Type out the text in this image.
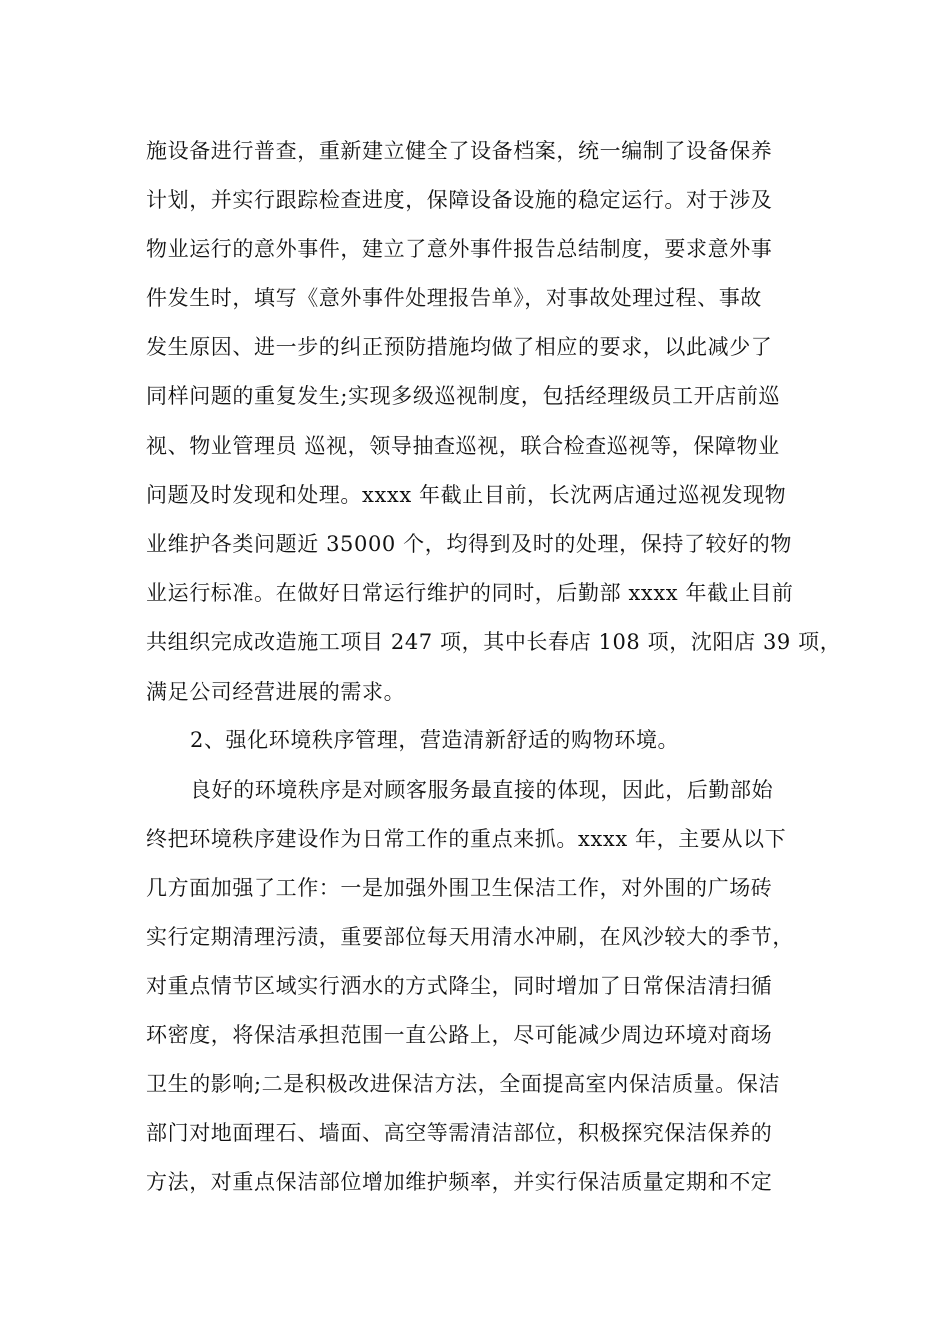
施设备进行普查，重新建立健全了设备档案，统一编制了设备保养
计划，并实行跟踪检查进度，保障设备设施的稳定运行。对于涉及
物业运行的意外事件，建立了意外事件报告总结制度，要求意外事
件发生时，填写《意外事件处理报告单》，对事故处理过程、事故
发生原因、进一步的纠正预防措施均做了相应的要求，以此减少了
同样问题的重复发生;实现多级巡视制度，包括经理级员工开店前巡
视、物业管理员 巡视，领导抽查巡视，联合检查巡视等，保障物业
问题及时发现和处理。xxxx 年截止目前，长沈两店通过巡视发现物
业维护各类问题近 35000 个，均得到及时的处理，保持了较好的物
业运行标准。在做好日常运行维护的同时，后勤部 xxxx 年截止目前
共组织完成改造施工项目 247 项，其中长春店 108 项，沈阳店 39 项，
满足公司经营进展的需求。
2、强化环境秩序管理，营造清新舒适的购物环境。
良好的环境秩序是对顾客服务最直接的体现，因此，后勤部始
终把环境秩序建设作为日常工作的重点来抓。xxxx 年，主要从以下
几方面加强了工作：一是加强外围卫生保洁工作，对外围的广场砖
实行定期清理污渍，重要部位每天用清水冲刷，在风沙较大的季节，
对重点情节区域实行洒水的方式降尘，同时增加了日常保洁清扫循
环密度，将保洁承担范围一直公路上，尽可能减少周边环境对商场
卫生的影响;二是积极改进保洁方法，全面提高室内保洁质量。保洁
部门对地面理石、墙面、高空等需清洁部位，积极探究保洁保养的
方法，对重点保洁部位增加维护频率，并实行保洁质量定期和不定
